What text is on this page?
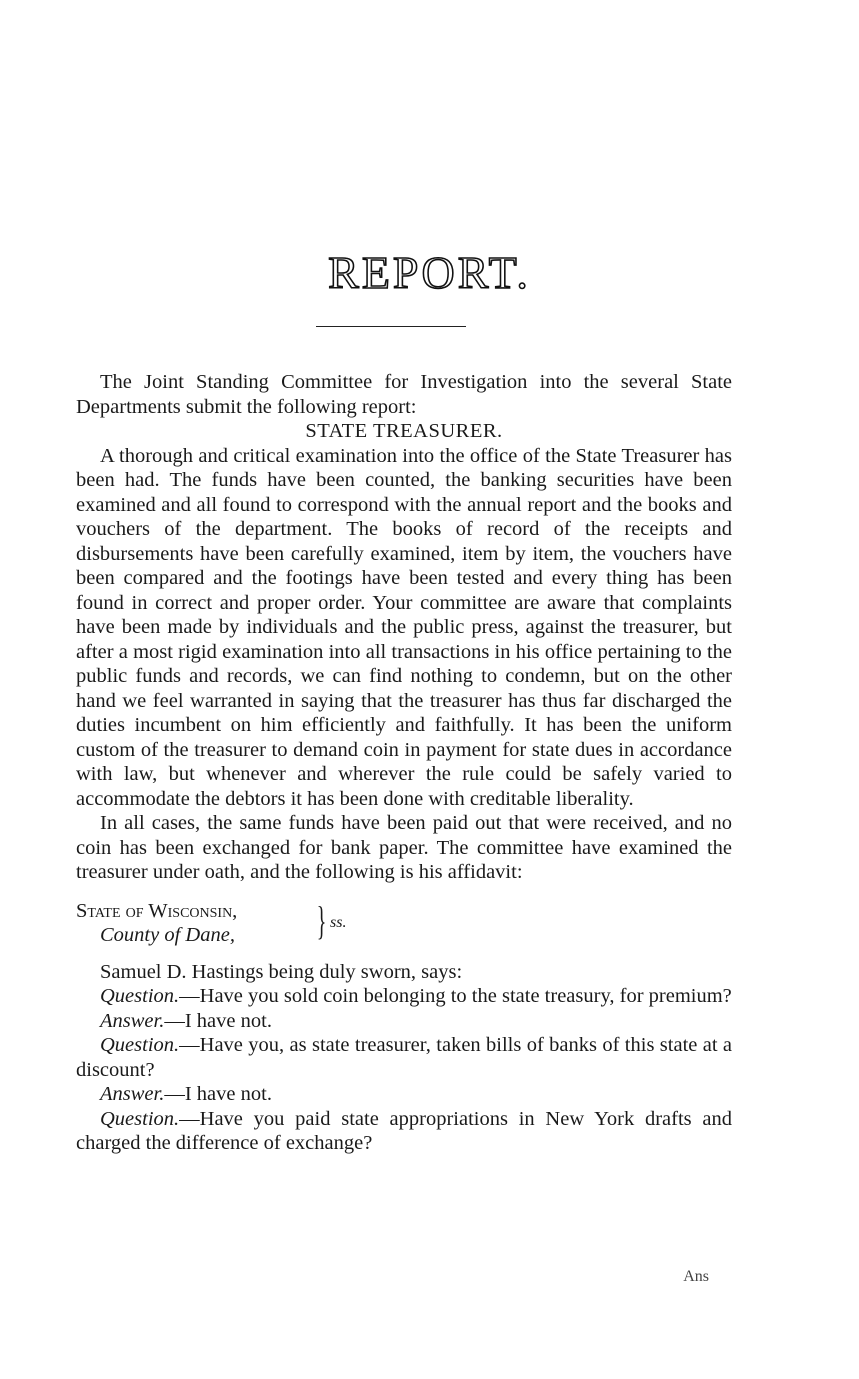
REPORT.

The Joint Standing Committee for Investigation into the several State Departments submit the following report:

STATE TREASURER.

A thorough and critical examination into the office of the State Treasurer has been had. The funds have been counted, the banking securities have been examined and all found to correspond with the annual report and the books and vouchers of the department. The books of record of the receipts and disbursements have been carefully examined, item by item, the vouchers have been compared and the footings have been tested and every thing has been found in correct and proper order. Your committee are aware that complaints have been made by individuals and the public press, against the treasurer, but after a most rigid examination into all transactions in his office pertaining to the public funds and records, we can find nothing to condemn, but on the other hand we feel warranted in saying that the treasurer has thus far discharged the duties incumbent on him efficiently and faithfully. It has been the uniform custom of the treasurer to demand coin in payment for state dues in accordance with law, but whenever and wherever the rule could be safely varied to accommodate the debtors it has been done with creditable liberality.

In all cases, the same funds have been paid out that were received, and no coin has been exchanged for bank paper. The committee have examined the treasurer under oath, and the following is his affidavit:

State of Wisconsin,
County of Dane,	} ss.

Samuel D. Hastings being duly sworn, says:

Question.—Have you sold coin belonging to the state treasury, for premium?

Answer.—I have not.

Question.—Have you, as state treasurer, taken bills of banks of this state at a discount?

Answer.—I have not.

Question.—Have you paid state appropriations in New York drafts and charged the difference of exchange?

Ans
